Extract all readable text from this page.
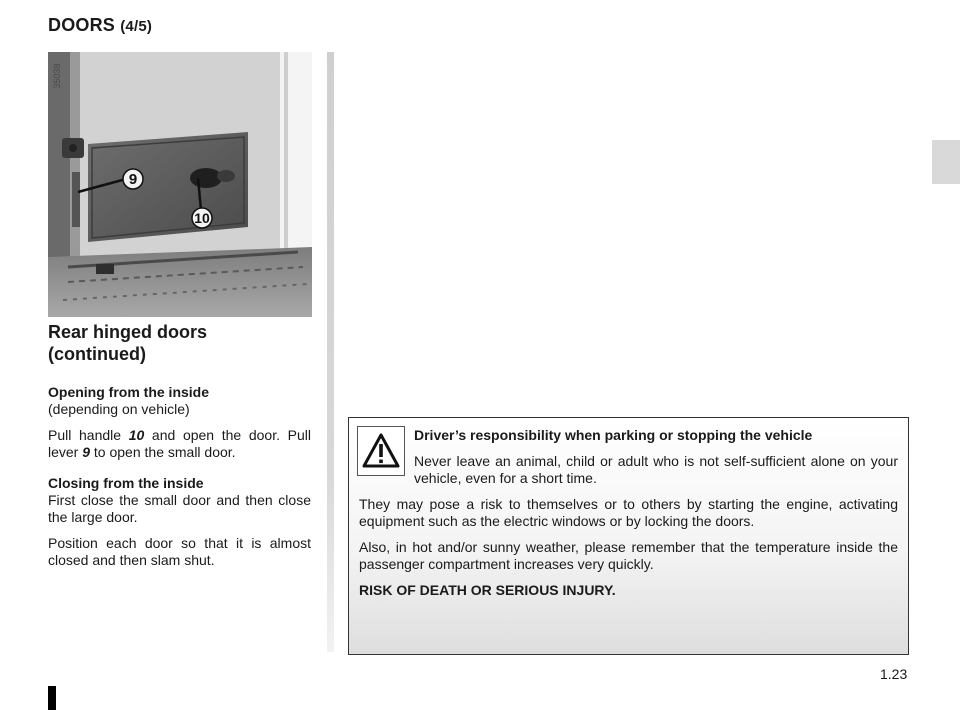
DOORS (4/5)
35038
9
10
Rear hinged doors
(continued)

Opening from the inside

(depending on vehicle)

Pull handle 10 and open the door. Pull lever 9 to open the small door.

Closing from the inside

First close the small door and then close the large door.

Position each door so that it is almost closed and then slam shut.

Driver’s responsibility when parking or stopping the vehicle

Never leave an animal, child or adult who is not self-sufficient alone on your vehicle, even for a short time.

They may pose a risk to themselves or to others by starting the engine, activating equipment such as the electric windows or by locking the doors.

Also, in hot and/or sunny weather, please remember that the temperature inside the passenger compartment increases very quickly.

RISK OF DEATH OR SERIOUS INJURY.

1.23
